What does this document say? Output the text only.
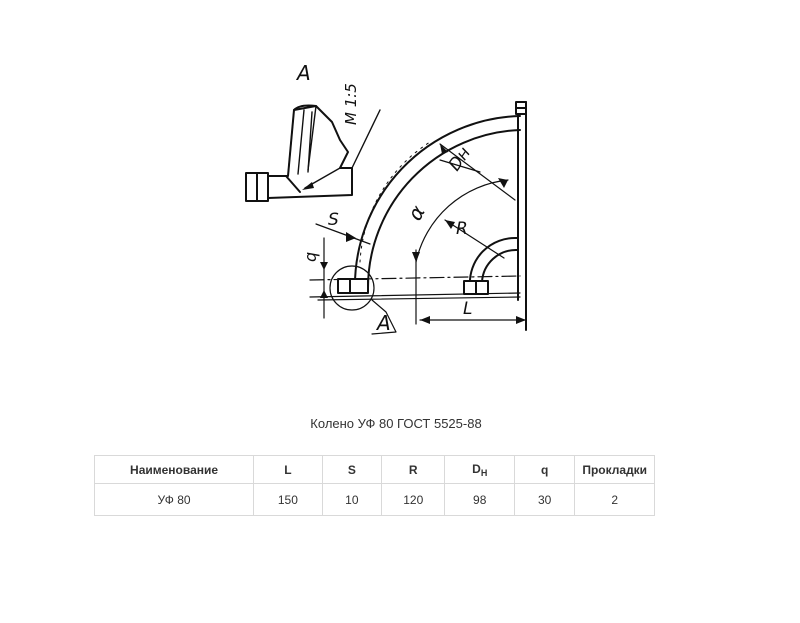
А
М 1:5
S
q
А
Dн
α
R
L
Колено УФ 80 ГОСТ 5525-88
Наименование	L	S	R	$D_H$	q	Прокладки
УФ 80	150	10	120	98	30	2
